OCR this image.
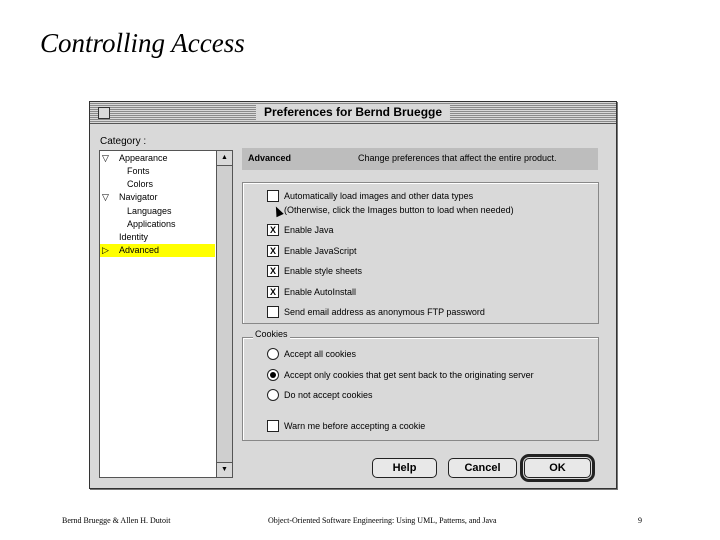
Controlling Access
Preferences for Bernd Bruegge
Category :
▽ Appearance
Fonts
Colors
▽ Navigator
Languages
Applications
Identity
▷ Advanced
▲
▼
Advanced	Change preferences that affect the entire product.
Automatically load images and other data types
(Otherwise, click the Images button to load when needed)
X Enable Java
X Enable JavaScript
X Enable style sheets
X Enable AutoInstall
Send email address as anonymous FTP password
Cookies
Accept all cookies
Accept only cookies that get sent back to the originating server
Do not accept cookies
Warn me before accepting a cookie
Help	Cancel	OK
Bernd Bruegge & Allen H. Dutoit	Object-Oriented Software Engineering: Using UML, Patterns, and Java	9
